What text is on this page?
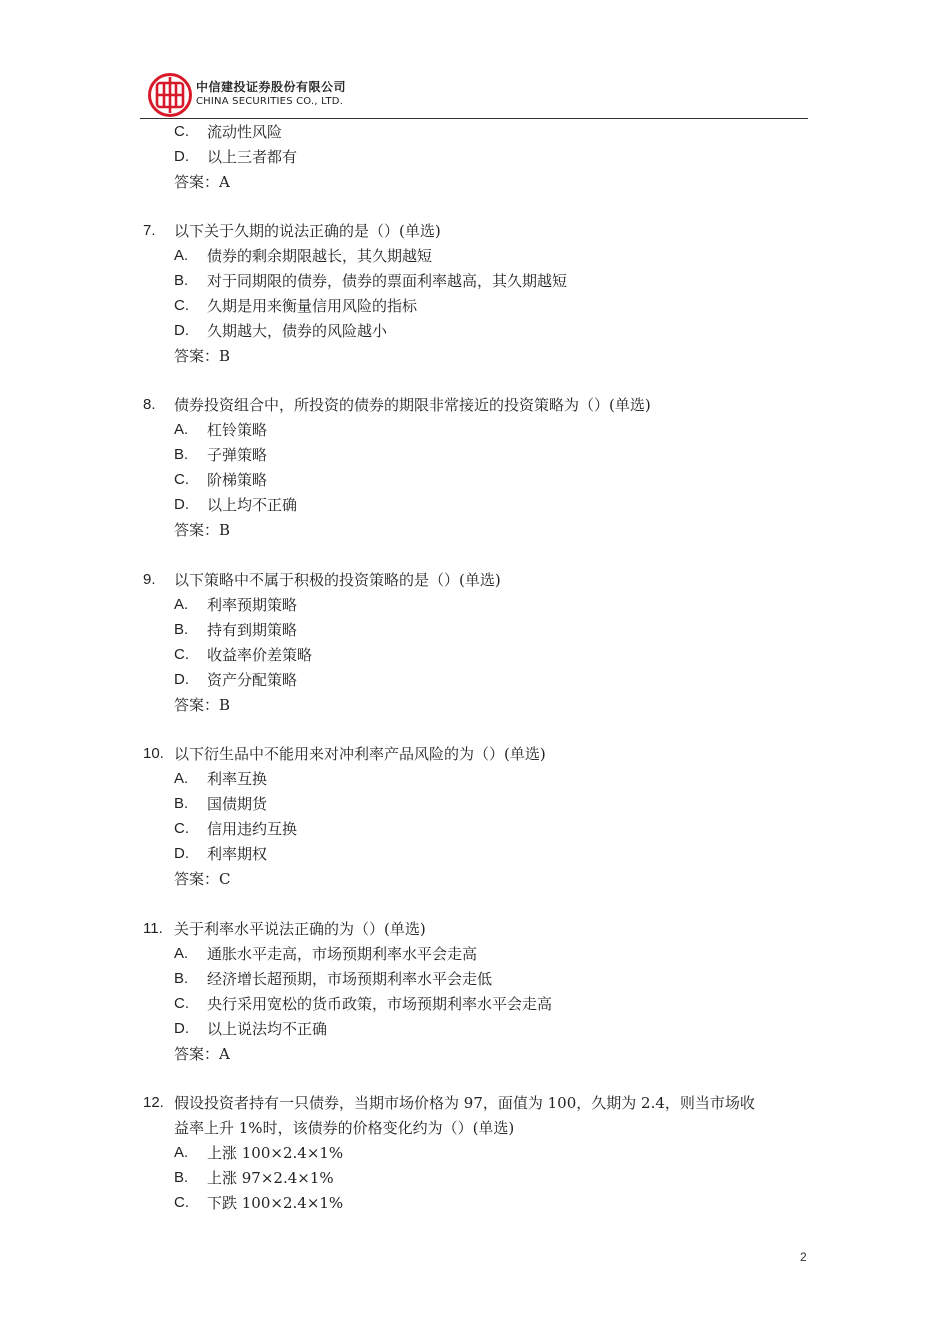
中信建投证券股份有限公司
CHINA SECURITIES CO., LTD.
C. 流动性风险
D. 以上三者都有
答案：A
7. 以下关于久期的说法正确的是（）(单选)
A. 债券的剩余期限越长，其久期越短
B. 对于同期限的债券，债券的票面利率越高，其久期越短
C. 久期是用来衡量信用风险的指标
D. 久期越大，债券的风险越小
答案：B
8. 债券投资组合中，所投资的债券的期限非常接近的投资策略为（）(单选)
A. 杠铃策略
B. 子弹策略
C. 阶梯策略
D. 以上均不正确
答案：B
9. 以下策略中不属于积极的投资策略的是（）(单选)
A. 利率预期策略
B. 持有到期策略
C. 收益率价差策略
D. 资产分配策略
答案：B
10. 以下衍生品中不能用来对冲利率产品风险的为（）(单选)
A. 利率互换
B. 国债期货
C. 信用违约互换
D. 利率期权
答案：C
11. 关于利率水平说法正确的为（）(单选)
A. 通胀水平走高，市场预期利率水平会走高
B. 经济增长超预期，市场预期利率水平会走低
C. 央行采用宽松的货币政策，市场预期利率水平会走高
D. 以上说法均不正确
答案：A
12. 假设投资者持有一只债券，当期市场价格为 97，面值为 100，久期为 2.4，则当市场收
益率上升 1%时，该债券的价格变化约为（）(单选)
A. 上涨 100×2.4×1%
B. 上涨 97×2.4×1%
C. 下跌 100×2.4×1%
2
